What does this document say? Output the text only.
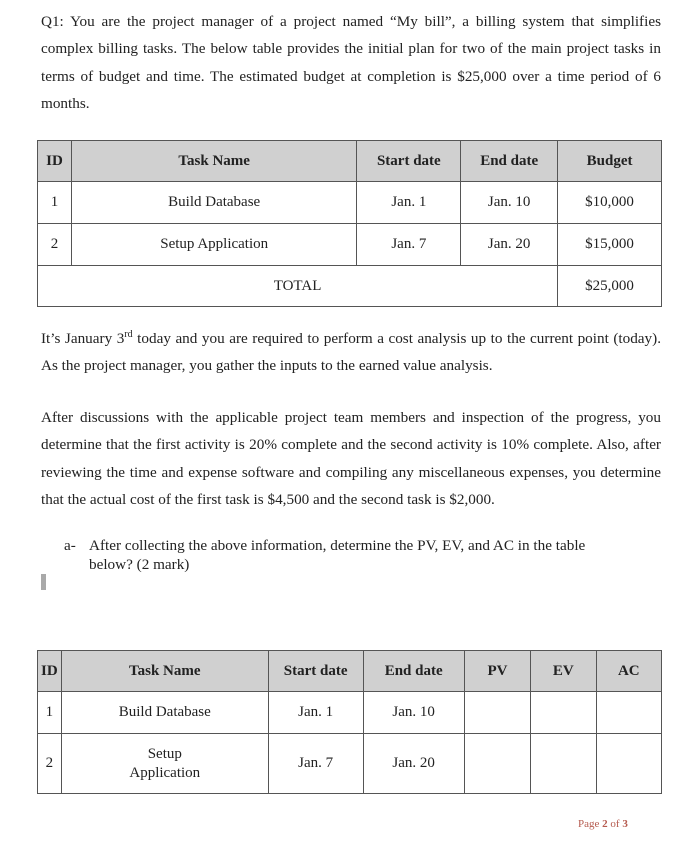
Q1: You are the project manager of a project named “My bill”, a billing system that simplifies complex billing tasks. The below table provides the initial plan for two of the main project tasks in terms of budget and time. The estimated budget at completion is $25,000 over a time period of 6 months.
ID	Task Name	Start date	End date	Budget
1	Build Database	Jan. 1	Jan. 10	$10,000
2	Setup Application	Jan. 7	Jan. 20	$15,000
TOTAL				$25,000
It’s January 3rd today and you are required to perform a cost analysis up to the current point (today). As the project manager, you gather the inputs to the earned value analysis.
After discussions with the applicable project team members and inspection of the progress, you determine that the first activity is 20% complete and the second activity is 10% complete. Also, after reviewing the time and expense software and compiling any miscellaneous expenses, you determine that the actual cost of the first task is $4,500 and the second task is $2,000.
a- After collecting the above information, determine the PV, EV, and AC in the table below? (2 mark)
ID	Task Name	Start date	End date	PV	EV	AC
1	Build Database	Jan. 1	Jan. 10			
2	Setup
Application	Jan. 7	Jan. 20			
Page 2 of 3
